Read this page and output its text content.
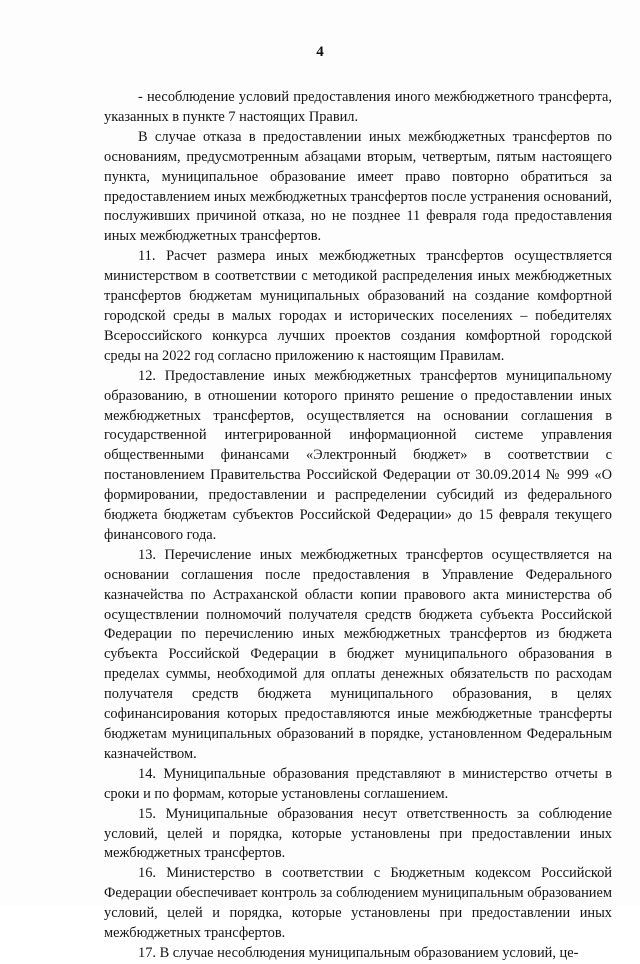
4

- несоблюдение условий предоставления иного межбюджетного трансферта, указанных в пункте 7 настоящих Правил.

В случае отказа в предоставлении иных межбюджетных трансфертов по основаниям, предусмотренным абзацами вторым, четвертым, пятым настоящего пункта, муниципальное образование имеет право повторно обратиться за предоставлением иных межбюджетных трансфертов после устранения оснований, послуживших причиной отказа, но не позднее 11 февраля года предоставления иных межбюджетных трансфертов.

11. Расчет размера иных межбюджетных трансфертов осуществляется министерством в соответствии с методикой распределения иных межбюджетных трансфертов бюджетам муниципальных образований на создание комфортной городской среды в малых городах и исторических поселениях – победителях Всероссийского конкурса лучших проектов создания комфортной городской среды на 2022 год согласно приложению к настоящим Правилам.

12. Предоставление иных межбюджетных трансфертов муниципальному образованию, в отношении которого принято решение о предоставлении иных межбюджетных трансфертов, осуществляется на основании соглашения в государственной интегрированной информационной системе управления общественными финансами «Электронный бюджет» в соответствии с постановлением Правительства Российской Федерации от 30.09.2014 № 999 «О формировании, предоставлении и распределении субсидий из федерального бюджета бюджетам субъектов Российской Федерации» до 15 февраля текущего финансового года.

13. Перечисление иных межбюджетных трансфертов осуществляется на основании соглашения после предоставления в Управление Федерального казначейства по Астраханской области копии правового акта министерства об осуществлении полномочий получателя средств бюджета субъекта Российской Федерации по перечислению иных межбюджетных трансфертов из бюджета субъекта Российской Федерации в бюджет муниципального образования в пределах суммы, необходимой для оплаты денежных обязательств по расходам получателя средств бюджета муниципального образования, в целях софинансирования которых предоставляются иные межбюджетные трансферты бюджетам муниципальных образований в порядке, установленном Федеральным казначейством.

14. Муниципальные образования представляют в министерство отчеты в сроки и по формам, которые установлены соглашением.

15. Муниципальные образования несут ответственность за соблюдение условий, целей и порядка, которые установлены при предоставлении иных межбюджетных трансфертов.

16. Министерство в соответствии с Бюджетным кодексом Российской Федерации обеспечивает контроль за соблюдением муниципальным образованием условий, целей и порядка, которые установлены при предоставлении иных межбюджетных трансфертов.

17. В случае несоблюдения муниципальным образованием условий, це-
